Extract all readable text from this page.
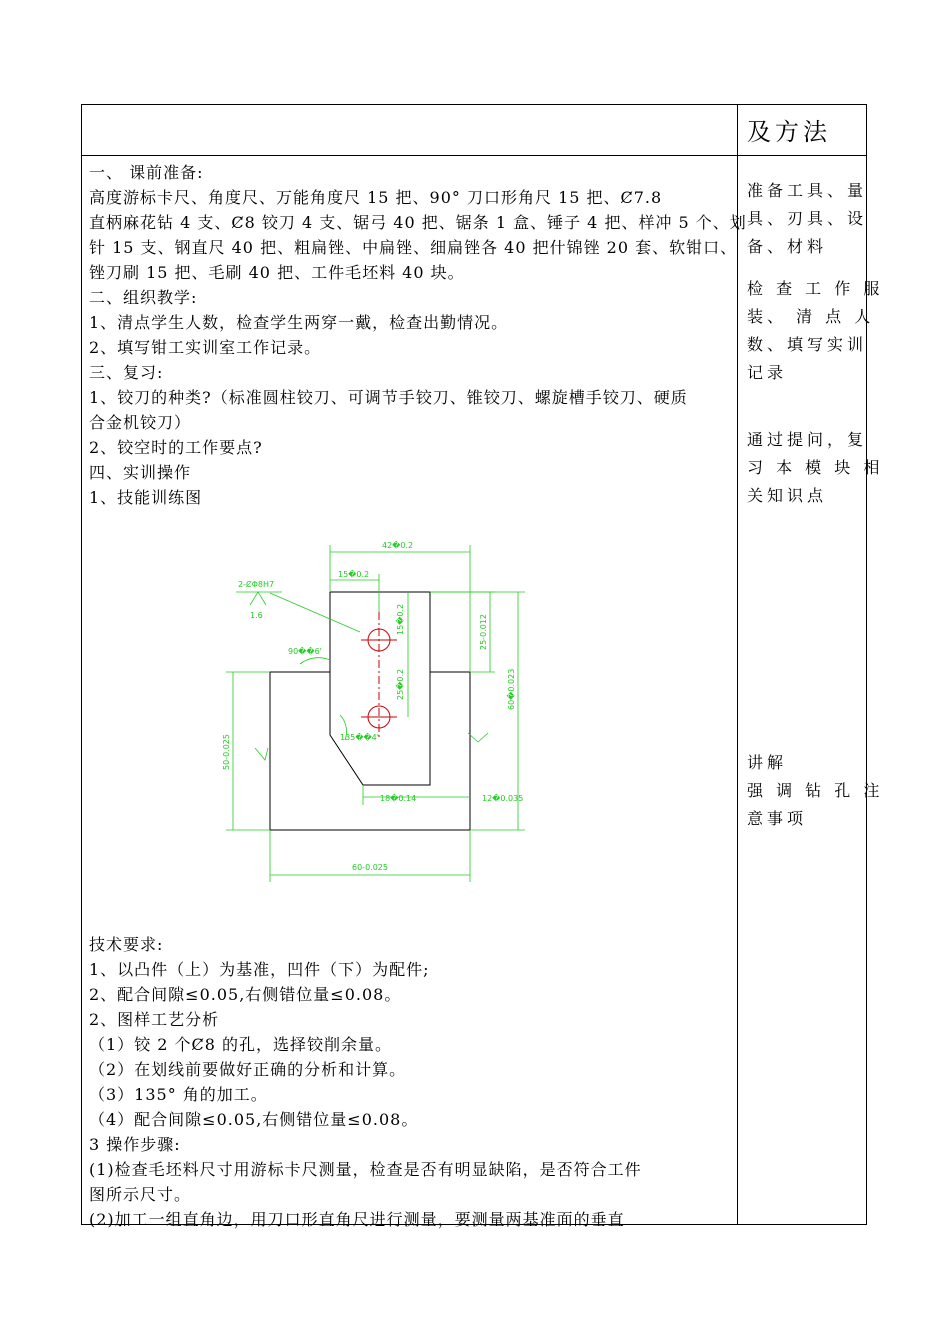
及方法
一、 课前准备:
高度游标卡尺、角度尺、万能角度尺 15 把、90° 刀口形角尺 15 把、Ȼ7.8
直柄麻花钻 4 支、Ȼ8 铰刀 4 支、锯弓 40 把、锯条 1 盒、锤子 4 把、样冲 5 个、划
针 15 支、钢直尺 40 把、粗扁锉、中扁锉、细扁锉各 40 把什锦锉 20 套、软钳口、
锉刀刷 15 把、毛刷 40 把、工件毛坯料 40 块。
二、组织教学:
1、清点学生人数，检查学生两穿一戴，检查出勤情况。
2、填写钳工实训室工作记录。
三、复习:
1、铰刀的种类?（标准圆柱铰刀、可调节手铰刀、锥铰刀、螺旋槽手铰刀、硬质
合金机铰刀）
2、铰空时的工作要点?
四、实训操作
1、技能训练图
技术要求:
1、以凸件（上）为基准，凹件（下）为配件;
2、配合间隙≤0.05,右侧错位量≤0.08。
2、图样工艺分析
（1）铰 2 个Ȼ8 的孔，选择铰削余量。
（2）在划线前要做好正确的分析和计算。
（3）135° 角的加工。
（4）配合间隙≤0.05,右侧错位量≤0.08。
3 操作步骤:
(1)检查毛坯料尺寸用游标卡尺测量，检查是否有明显缺陷，是否符合工件
图所示尺寸。
(2)加工一组直角边，用刀口形直角尺进行测量，要测量两基准面的垂直
准备工具、量
具、刃具、设
备、材料
检 查 工 作 服
装、 清 点 人
数、填写实训
记录
通过提问，复
习 本 模 块 相
关知识点
讲解
强 调 钻 孔 注
意事项
42�0.2
15�0.2
2-ȻΦ8H7
1.6
90��6'
135��4'
15�0.2
25�0.2
25-0.012
60�0.023
50-0.025
18�0.14	12�0.035
60-0.025
